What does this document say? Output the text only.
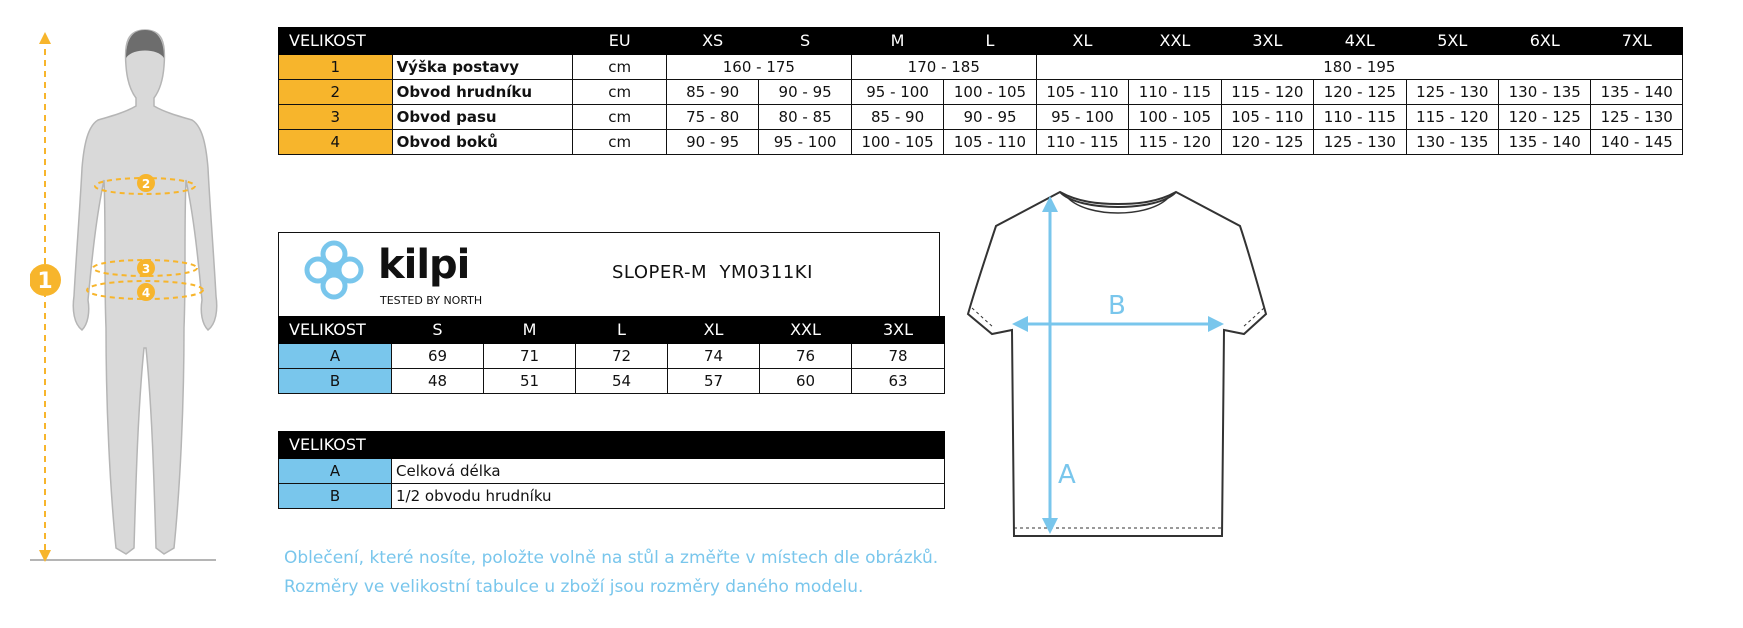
1
2
3
4
VELIKOST		EU	XS	S	M	L	XL	XXL	3XL	4XL	5XL	6XL	7XL
1	Výška postavy	cm	160 - 175		170 - 185		180 - 195						
2	Obvod hrudníku	cm	85 - 90	90 - 95	95 - 100	100 - 105	105 - 110	110 - 115	115 - 120	120 - 125	125 - 130	130 - 135	135 - 140
3	Obvod pasu	cm	75 - 80	80 - 85	85 - 90	90 - 95	95 - 100	100 - 105	105 - 110	110 - 115	115 - 120	120 - 125	125 - 130
4	Obvod boků	cm	90 - 95	95 - 100	100 - 105	105 - 110	110 - 115	115 - 120	120 - 125	125 - 130	130 - 135	135 - 140	140 - 145
kilpi
TESTED BY NORTH
SLOPER-M  YM0311KI
VELIKOST	S	M	L	XL	XXL	3XL
A	69	71	72	74	76	78
B	48	51	54	57	60	63
VELIKOST	
A	Celková délka
B	1/2 obvodu hrudníku
A
B
Oblečení, které nosíte, položte volně na stůl a změřte v místech dle obrázků.
Rozměry ve velikostní tabulce u zboží jsou rozměry daného modelu.
